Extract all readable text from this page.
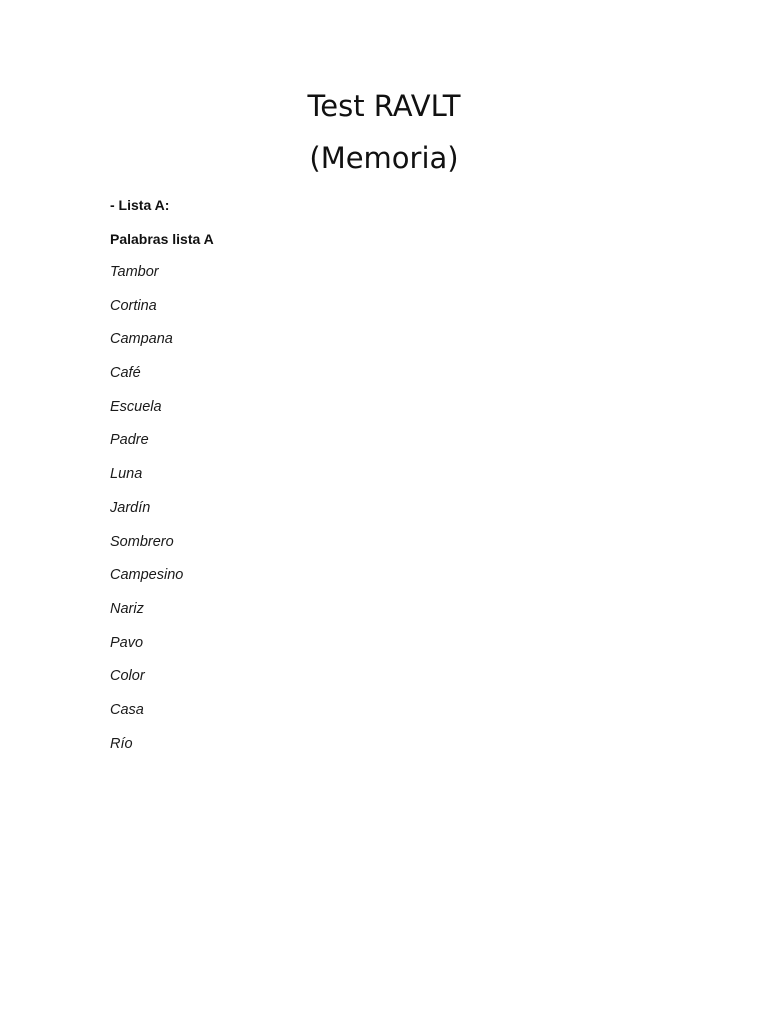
Test RAVLT
(Memoria)
- Lista A:
Palabras lista A
Tambor
Cortina
Campana
Café
Escuela
Padre
Luna
Jardín
Sombrero
Campesino
Nariz
Pavo
Color
Casa
Río
